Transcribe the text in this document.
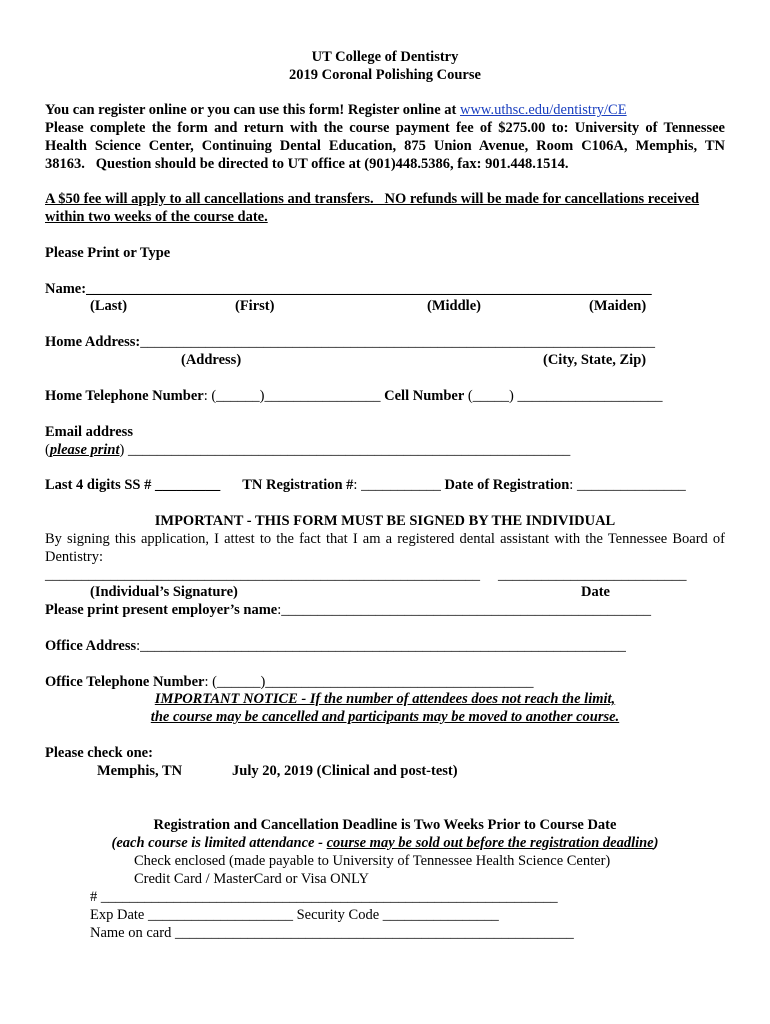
UT College of Dentistry
2019 Coronal Polishing Course
You can register online or you can use this form! Register online at www.uthsc.edu/dentistry/CE
Please complete the form and return with the course payment fee of $275.00 to: University of Tennessee
Health Science Center, Continuing Dental Education, 875 Union Avenue, Room C106A, Memphis, TN
38163.   Question should be directed to UT office at (901)448.5386, fax: 901.448.1514.
A $50 fee will apply to all cancellations and transfers.   NO refunds will be made for cancellations received
within two weeks of the course date.
Please Print or Type
Name:______________________________________________________________________________
(Last)	(First)	(Middle)	(Maiden)
Home Address:_______________________________________________________________________
(Address)	(City, State, Zip)
Home Telephone Number: (______)________________ Cell Number (_____) ____________________
Email address
(please print) _____________________________________________________________
Last 4 digits SS # _________ TN Registration #: ___________ Date of Registration: _______________
IMPORTANT - THIS FORM MUST BE SIGNED BY THE INDIVIDUAL
By signing this application, I attest to the fact that I am a registered dental assistant with the Tennessee Board of
Dentistry:
____________________________________________________________ __________________________
(Individual’s Signature)	Date
Please print present employer’s name:___________________________________________________
Office Address:___________________________________________________________________
Office Telephone Number: (______)_____________________________________
IMPORTANT NOTICE - If the number of attendees does not reach the limit,
the course may be cancelled and participants may be moved to another course.
Please check one:
Memphis, TN	July 20, 2019 (Clinical and post-test)
Registration and Cancellation Deadline is Two Weeks Prior to Course Date
(each course is limited attendance - course may be sold out before the registration deadline)
Check enclosed (made payable to University of Tennessee Health Science Center)
Credit Card / MasterCard or Visa ONLY
# _______________________________________________________________
Exp Date ____________________ Security Code ________________
Name on card _______________________________________________________
